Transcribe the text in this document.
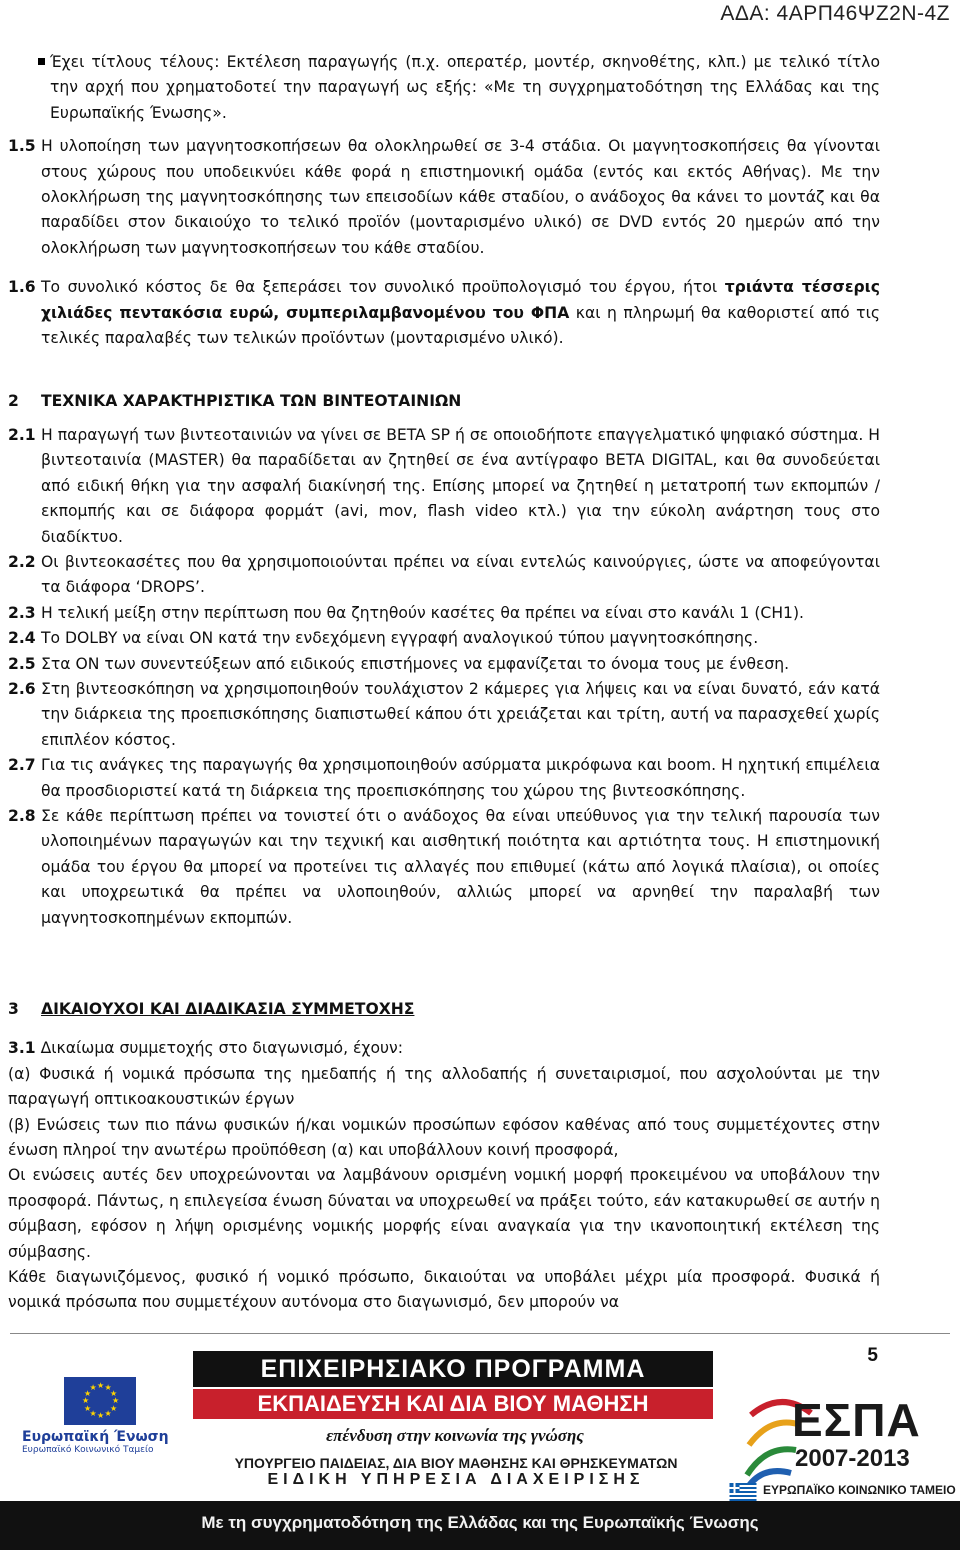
ΑΔΑ: 4ΑΡΠ46ΨΖ2Ν-4Ζ

Έχει τίτλους τέλους: Εκτέλεση παραγωγής (π.χ. οπερατέρ, μοντέρ, σκηνοθέτης, κλπ.) με τελικό τίτλο την αρχή που χρηματοδοτεί την παραγωγή ως εξής: «Με τη συγχρηματοδότηση της Ελλάδας και της Ευρωπαϊκής Ένωσης».

1.5 Η υλοποίηση των μαγνητοσκοπήσεων θα ολοκληρωθεί σε 3-4 στάδια. Οι μαγνητοσκοπήσεις θα γίνονται στους χώρους που υποδεικνύει κάθε φορά η επιστημονική ομάδα (εντός και εκτός Αθήνας). Με την ολοκλήρωση της μαγνητοσκόπησης των επεισοδίων κάθε σταδίου, ο ανάδοχος θα κάνει το μοντάζ και θα παραδίδει στον δικαιούχο το τελικό προϊόν (μονταρισμένο υλικό) σε DVD εντός 20 ημερών από την ολοκλήρωση των μαγνητοσκοπήσεων του κάθε σταδίου.
1.6 Το συνολικό κόστος δε θα ξεπεράσει τον συνολικό προϋπολογισμό του έργου, ήτοι τριάντα τέσσερις χιλιάδες πεντακόσια ευρώ, συμπεριλαμβανομένου του ΦΠΑ και η πληρωμή θα καθοριστεί από τις τελικές παραλαβές των τελικών προϊόντων (μονταρισμένο υλικό).
2	ΤΕΧΝΙΚΑ ΧΑΡΑΚΤΗΡΙΣΤΙΚΑ ΤΩΝ ΒΙΝΤΕΟΤΑΙΝΙΩΝ
2.1 Η παραγωγή των βιντεοταινιών να γίνει σε BETA SP ή σε οποιοδήποτε επαγγελματικό ψηφιακό σύστημα. Η βιντεοταινία (MASTER) θα παραδίδεται αν ζητηθεί σε ένα αντίγραφο BETA DIGITAL, και θα συνοδεύεται από ειδική θήκη για την ασφαλή διακίνησή της. Επίσης μπορεί να ζητηθεί η μετατροπή των εκπομπών /εκπομπής και σε διάφορα φορμάτ (avi, mov, flash video κτλ.) για την εύκολη ανάρτηση τους στο διαδίκτυο.
2.2 Οι βιντεοκασέτες που θα χρησιμοποιούνται πρέπει να είναι εντελώς καινούργιες, ώστε να αποφεύγονται τα διάφορα ‘DROPS’.
2.3 Η τελική μείξη στην περίπτωση που θα ζητηθούν κασέτες θα πρέπει να είναι στο κανάλι 1 (CH1).
2.4 Το DOLBY να είναι ΟΝ κατά την ενδεχόμενη εγγραφή αναλογικού τύπου μαγνητοσκόπησης.
2.5 Στα ON των συνεντεύξεων από ειδικούς επιστήμονες να εμφανίζεται το όνομα τους με ένθεση.
2.6 Στη βιντεοσκόπηση να χρησιμοποιηθούν τουλάχιστον 2 κάμερες για λήψεις και να είναι δυνατό, εάν κατά την διάρκεια της προεπισκόπησης διαπιστωθεί κάπου ότι χρειάζεται και τρίτη, αυτή να παρασχεθεί χωρίς επιπλέον κόστος.
2.7 Για τις ανάγκες της παραγωγής θα χρησιμοποιηθούν ασύρματα μικρόφωνα και boom. Η ηχητική επιμέλεια θα προσδιοριστεί κατά τη διάρκεια της προεπισκόπησης του χώρου της βιντεοσκόπησης.
2.8 Σε κάθε περίπτωση πρέπει να τονιστεί ότι ο ανάδοχος θα είναι υπεύθυνος για την τελική παρουσία των υλοποιημένων παραγωγών και την τεχνική και αισθητική ποιότητα και αρτιότητα τους. Η επιστημονική ομάδα του έργου θα μπορεί να προτείνει τις αλλαγές που επιθυμεί (κάτω από λογικά πλαίσια), οι οποίες και υποχρεωτικά θα πρέπει να υλοποιηθούν, αλλιώς μπορεί να αρνηθεί την παραλαβή των μαγνητοσκοπημένων εκπομπών.
3	ΔΙΚΑΙΟΥΧΟΙ ΚΑΙ ΔΙΑΔΙΚΑΣΙΑ ΣΥΜΜΕΤΟΧΗΣ

3.1 Δικαίωμα συμμετοχής στο διαγωνισμό, έχουν:

(α) Φυσικά ή νομικά πρόσωπα της ημεδαπής ή της αλλοδαπής ή συνεταιρισμοί, που ασχολούνται με την παραγωγή οπτικοακουστικών έργων

(β) Ενώσεις των πιο πάνω φυσικών ή/και νομικών προσώπων εφόσον καθένας από τους συμμετέχοντες στην ένωση πληροί την ανωτέρω προϋπόθεση (α) και υποβάλλουν κοινή προσφορά,

Οι ενώσεις αυτές δεν υποχρεώνονται να λαμβάνουν ορισμένη νομική μορφή προκειμένου να υποβάλουν την προσφορά. Πάντως, η επιλεγείσα ένωση δύναται να υποχρεωθεί να πράξει τούτο, εάν κατακυρωθεί σε αυτήν η σύμβαση, εφόσον η λήψη ορισμένης νομικής μορφής είναι αναγκαία για την ικανοποιητική εκτέλεση της σύμβασης.

Κάθε διαγωνιζόμενος, φυσικό ή νομικό πρόσωπο, δικαιούται να υποβάλει μέχρι μία προσφορά. Φυσικά ή νομικά πρόσωπα που συμμετέχουν αυτόνομα στο διαγωνισμό, δεν μπορούν να

5
★
★
★
★
★
★
★
★
★ ★ ★
★
Ευρωπαϊκή Ένωση
Ευρωπαϊκό Κοινωνικό Ταμείο
ΕΠΙΧΕΙΡΗΣΙΑΚΟ ΠΡΟΓΡΑΜΜΑ
ΕΚΠΑΙΔΕΥΣΗ ΚΑΙ ΔΙΑ ΒΙΟΥ ΜΑΘΗΣΗ
επένδυση στην κοινωνία της γνώσης
ΥΠΟΥΡΓΕΙΟ ΠΑΙΔΕΙΑΣ, ΔΙΑ ΒΙΟΥ ΜΑΘΗΣΗΣ ΚΑΙ ΘΡΗΣΚΕΥΜΑΤΩΝ
ΕΙΔΙΚΗ ΥΠΗΡΕΣΙΑ ΔΙΑΧΕΙΡΙΣΗΣ
ΕΣΠΑ
2007-2013
ΕΥΡΩΠΑΪΚΟ ΚΟΙΝΩΝΙΚΟ ΤΑΜΕΙΟ
Με τη συγχρηματοδότηση της Ελλάδας και της Ευρωπαϊκής Ένωσης
